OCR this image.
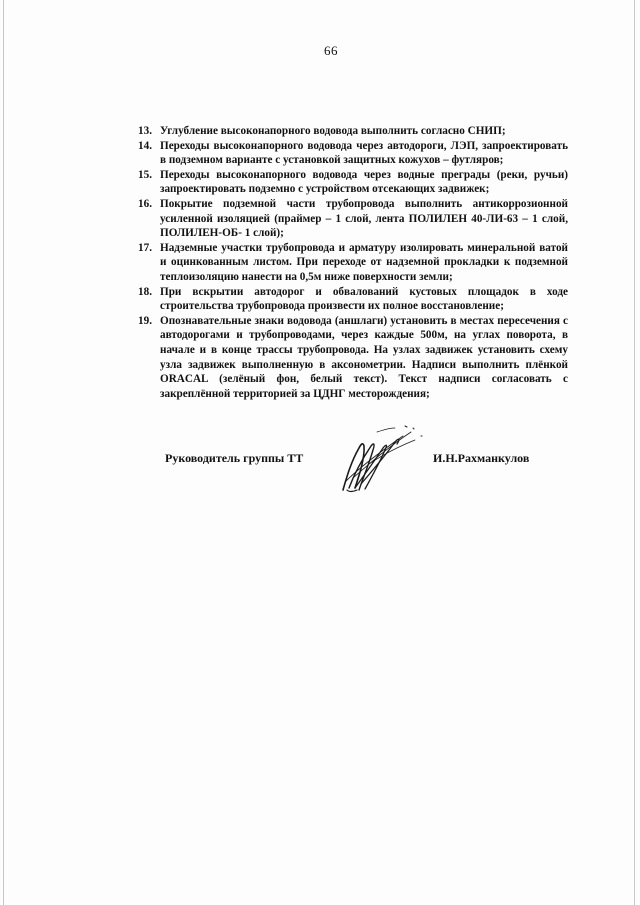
66
13. Углубление высоконапорного водовода выполнить согласно СНИП;
14. Переходы высоконапорного водовода через автодороги, ЛЭП, запроектировать в подземном варианте с установкой защитных кожухов – футляров;
15. Переходы высоконапорного водовода через водные преграды (реки, ручьи) запроектировать подземно с устройством отсекающих задвижек;
16. Покрытие подземной части трубопровода выполнить антикоррозионной усиленной изоляцией (праймер – 1 слой, лента ПОЛИЛЕН 40-ЛИ-63 – 1 слой, ПОЛИЛЕН-ОБ- 1 слой);
17. Надземные участки трубопровода и арматуру изолировать минеральной ватой и оцинкованным листом. При переходе от надземной прокладки к подземной теплоизоляцию нанести на 0,5м ниже поверхности земли;
18. При вскрытии автодорог и обвалований кустовых площадок в ходе строительства трубопровода произвести их полное восстановление;
19. Опознавательные знаки водовода (аншлаги) установить в местах пересечения с автодорогами и трубопроводами, через каждые 500м, на углах поворота, в начале и в конце трассы трубопровода. На узлах задвижек установить схему узла задвижек выполненную в аксонометрии. Надписи выполнить плёнкой ORACAL (зелёный фон, белый текст). Текст надписи согласовать с закреплённой территорией за ЦДНГ месторождения;
Руководитель группы ТТ	И.Н.Рахманкулов
